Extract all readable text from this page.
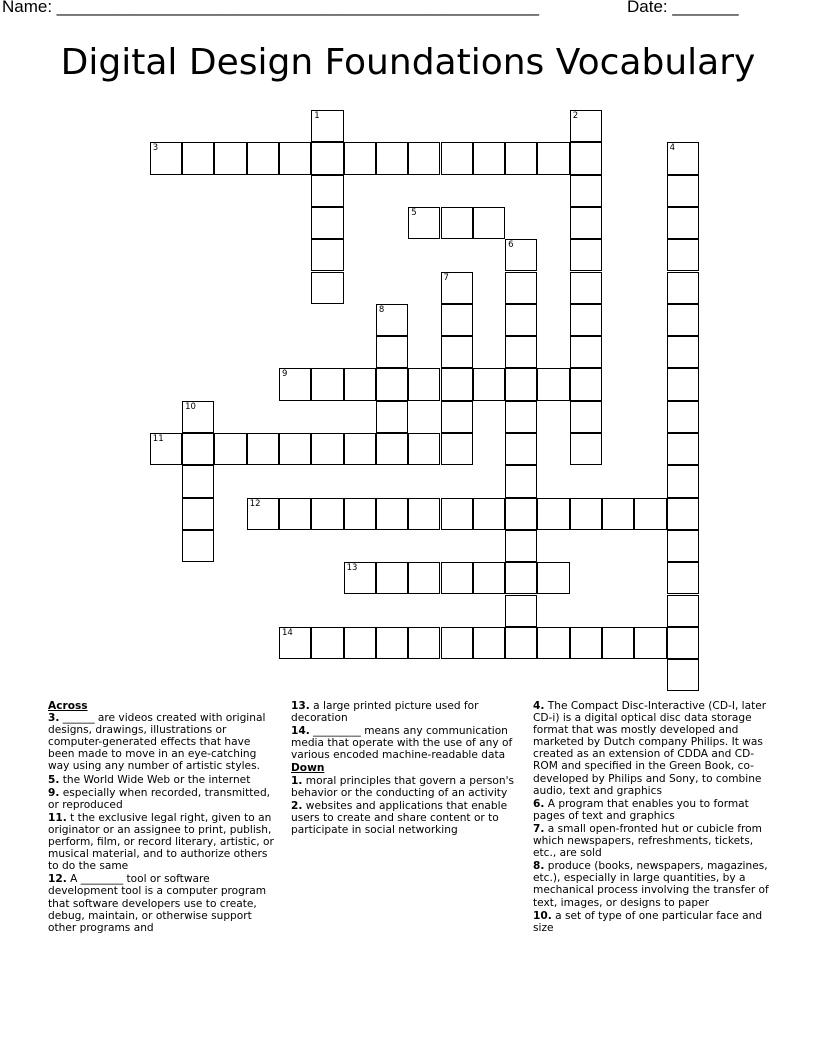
Name: ___________________________________________________	Date: _______
Digital Design Foundations Vocabulary
1	2
3	4
5
6
7
8
9
10
11
12
13
14
Across
3. ______ are videos created with original designs, drawings, illustrations or computer-generated effects that have been made to move in an eye-catching way using any number of artistic styles.
5. the World Wide Web or the internet
9. especially when recorded, transmitted, or reproduced
11. t the exclusive legal right, given to an originator or an assignee to print, publish, perform, film, or record literary, artistic, or musical material, and to authorize others to do the same
12. A ________ tool or software development tool is a computer program that software developers use to create, debug, maintain, or otherwise support other programs and
13. a large printed picture used for decoration
14. _________ means any communication media that operate with the use of any of various encoded machine-readable data
Down
1. moral principles that govern a person's behavior or the conducting of an activity
2. websites and applications that enable users to create and share content or to participate in social networking
4. The Compact Disc-Interactive (CD-I, later CD-i) is a digital optical disc data storage format that was mostly developed and marketed by Dutch company Philips. It was created as an extension of CDDA and CD-ROM and specified in the Green Book, co-developed by Philips and Sony, to combine audio, text and graphics
6. A program that enables you to format pages of text and graphics
7. a small open-fronted hut or cubicle from which newspapers, refreshments, tickets, etc., are sold
8. produce (books, newspapers, magazines, etc.), especially in large quantities, by a mechanical process involving the transfer of text, images, or designs to paper
10. a set of type of one particular face and size
